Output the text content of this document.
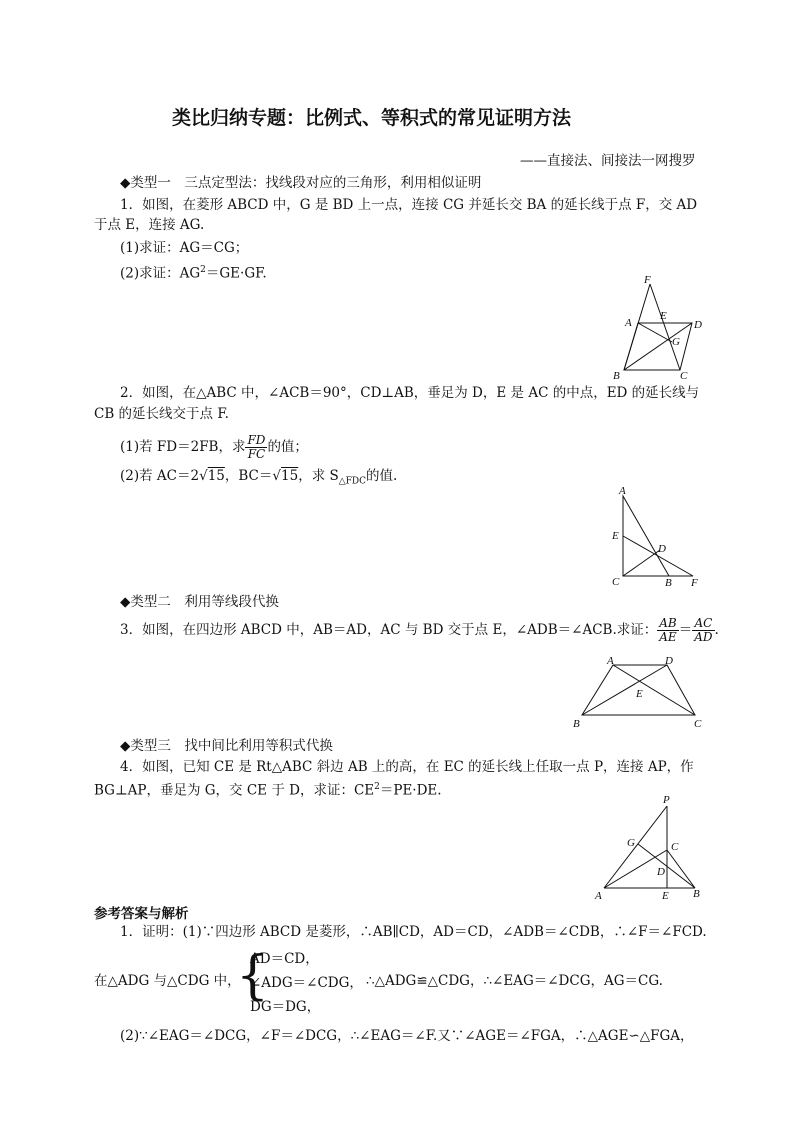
类比归纳专题：比例式、等积式的常见证明方法
——直接法、间接法一网搜罗
◆类型一　三点定型法：找线段对应的三角形，利用相似证明
1．如图，在菱形 ABCD 中，G 是 BD 上一点，连接 CG 并延长交 BA 的延长线于点 F，交 AD
于点 E，连接 AG.
(1)求证：AG＝CG；
(2)求证：$AG^2=GE\cdot GF$.	F
A
E
D
G
B	C
2．如图，在△ABC 中，∠ACB＝90°，CD⊥AB，垂足为 D，E 是 AC 的中点，ED 的延长线与
CB 的延长线交于点 F.
(1)若 FD＝2FB，求 $\frac{FD}{FC}$ 的值；
(2)若 AC＝2√15，BC＝√15，求 $S_{\triangle FDC}$的值.
A
E
D
C	B F
◆类型二　利用等线段代换
3．如图，在四边形 ABCD 中，AB＝AD，AC 与 BD 交于点 E，∠ADB＝∠ACB.求证： $\frac{AB}{AE} = \frac{AC}{AD}$ .
A	D
E
B	C
◆类型三　找中间比利用等积式代换
4．如图，已知 CE 是 Rt△ABC 斜边 AB 上的高，在 EC 的延长线上任取一点 P，连接 AP，作
BG⊥AP，垂足为 G，交 CE 于 D，求证：$CE^2=PE\cdot DE$.
P
G	C
D
A	E B
参考答案与解析
1．证明：(1)∵四边形 ABCD 是菱形，∴AB∥CD，AD＝CD，∠ADB＝∠CDB，∴∠F＝∠FCD.
在△ADG 与△CDG 中，
{
AD＝CD，
∠ADG＝∠CDG，
DG＝DG，
∴△ADG≌△CDG，∴∠EAG＝∠DCG，AG＝CG.
(2)∵∠EAG＝∠DCG，∠F＝∠DCG，∴∠EAG＝∠F.又∵∠AGE＝∠FGA，∴△AGE∽△FGA，
